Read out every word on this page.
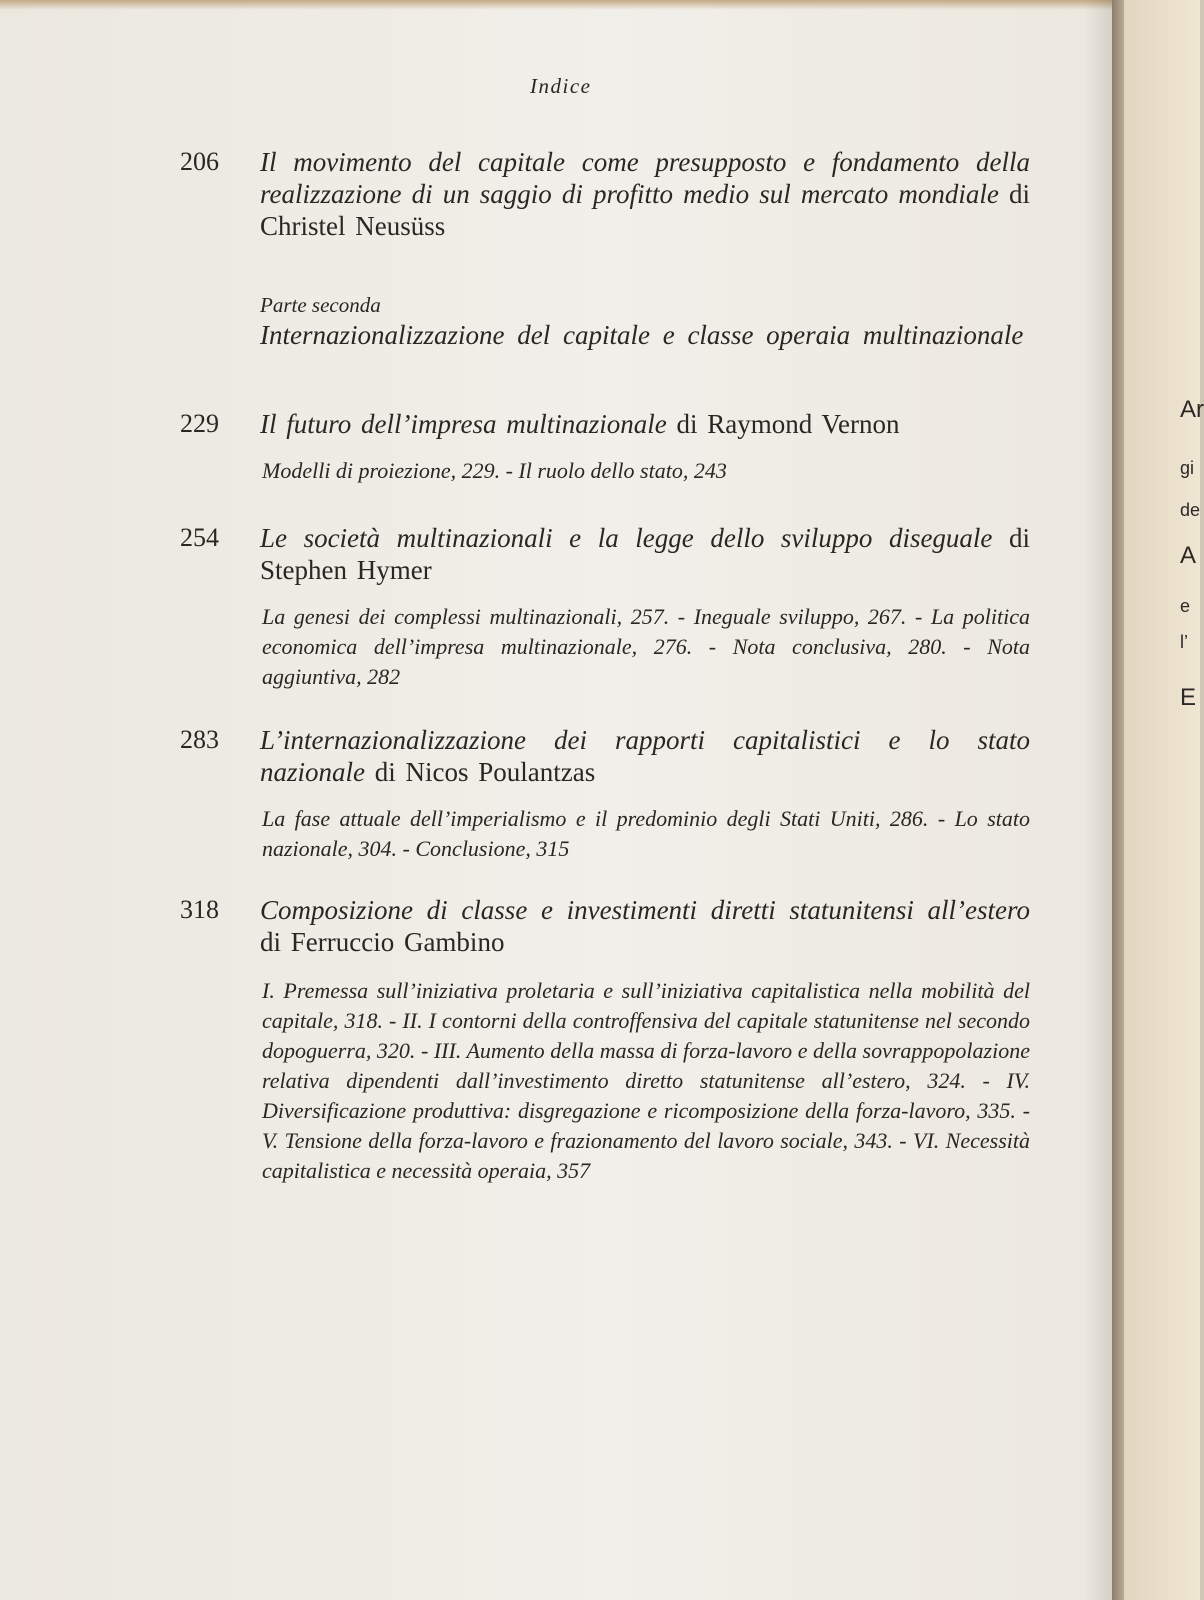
Indice
206	Il movimento del capitale come presupposto e fondamento della realizzazione di un saggio di profitto medio sul mercato mondiale di Christel Neusüss
Parte seconda
Internazionalizzazione del capitale e classe operaia multinazionale
229	Il futuro dell’impresa multinazionale di Raymond Vernon
Modelli di proiezione, 229. - Il ruolo dello stato, 243
254	Le società multinazionali e la legge dello sviluppo diseguale di Stephen Hymer
La genesi dei complessi multinazionali, 257. - Ineguale sviluppo, 267. - La politica economica dell’impresa multinazionale, 276. - Nota conclusiva, 280. - Nota aggiuntiva, 282
283	L’internazionalizzazione dei rapporti capitalistici e lo stato nazionale di Nicos Poulantzas
La fase attuale dell’imperialismo e il predominio degli Stati Uniti, 286. - Lo stato nazionale, 304. - Conclusione, 315
318	Composizione di classe e investimenti diretti statunitensi all’estero di Ferruccio Gambino
I. Premessa sull’iniziativa proletaria e sull’iniziativa capitalistica nella mobilità del capitale, 318. - II. I contorni della controffensiva del capitale statunitense nel secondo dopoguerra, 320. - III. Aumento della massa di forza-lavoro e della sovrappopolazione relativa dipendenti dall’investimento diretto statunitense all’estero, 324. - IV. Diversificazione produttiva: disgregazione e ricomposizione della forza-lavoro, 335. - V. Tensione della forza-lavoro e frazionamento del lavoro sociale, 343. - VI. Necessità capitalistica e necessità operaia, 357
Ar
gi
de
A
e
l’
E
